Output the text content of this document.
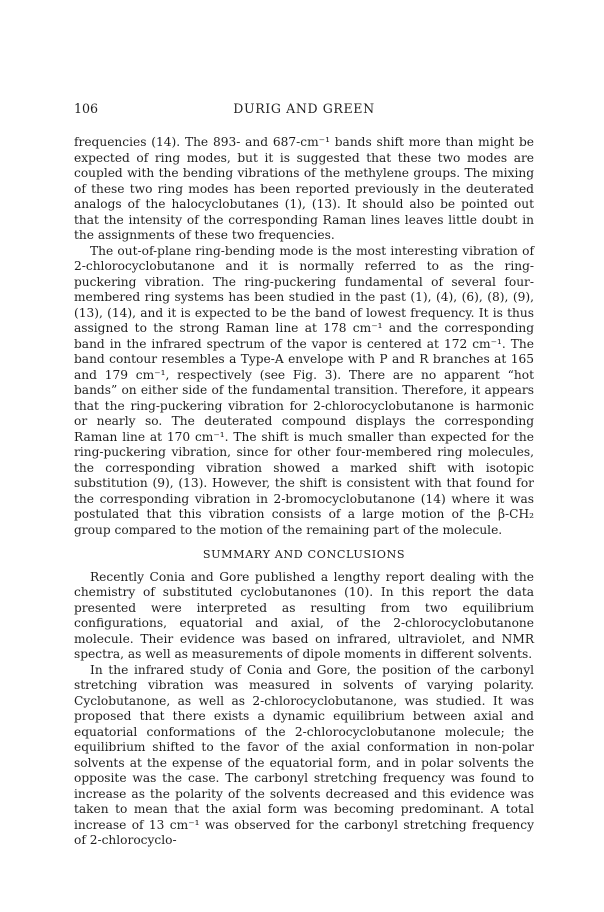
106	DURIG AND GREEN

frequencies (14). The 893- and 687-cm⁻¹ bands shift more than might be expected of ring modes, but it is suggested that these two modes are coupled with the bending vibrations of the methylene groups. The mixing of these two ring modes has been reported previously in the deuterated analogs of the halocyclobutanes (1), (13). It should also be pointed out that the intensity of the corresponding Raman lines leaves little doubt in the assignments of these two frequencies.

The out-of-plane ring-bending mode is the most interesting vibration of 2-chlorocyclobutanone and it is normally referred to as the ring-puckering vibration. The ring-puckering fundamental of several four-membered ring systems has been studied in the past (1), (4), (6), (8), (9), (13), (14), and it is expected to be the band of lowest frequency. It is thus assigned to the strong Raman line at 178 cm⁻¹ and the corresponding band in the infrared spectrum of the vapor is centered at 172 cm⁻¹. The band contour resembles a Type-A envelope with P and R branches at 165 and 179 cm⁻¹, respectively (see Fig. 3). There are no apparent “hot bands” on either side of the fundamental transition. Therefore, it appears that the ring-puckering vibration for 2-chlorocyclobutanone is harmonic or nearly so. The deuterated compound displays the corresponding Raman line at 170 cm⁻¹. The shift is much smaller than expected for the ring-puckering vibration, since for other four-membered ring molecules, the corresponding vibration showed a marked shift with isotopic substitution (9), (13). However, the shift is consistent with that found for the corresponding vibration in 2-bromocyclobutanone (14) where it was postulated that this vibration consists of a large motion of the β-CH₂ group compared to the motion of the remaining part of the molecule.

SUMMARY AND CONCLUSIONS

Recently Conia and Gore published a lengthy report dealing with the chemistry of substituted cyclobutanones (10). In this report the data presented were interpreted as resulting from two equilibrium configurations, equatorial and axial, of the 2-chlorocyclobutanone molecule. Their evidence was based on infrared, ultraviolet, and NMR spectra, as well as measurements of dipole moments in different solvents.

In the infrared study of Conia and Gore, the position of the carbonyl stretching vibration was measured in solvents of varying polarity. Cyclobutanone, as well as 2-chlorocyclobutanone, was studied. It was proposed that there exists a dynamic equilibrium between axial and equatorial conformations of the 2-chlorocyclobutanone molecule; the equilibrium shifted to the favor of the axial conformation in non-polar solvents at the expense of the equatorial form, and in polar solvents the opposite was the case. The carbonyl stretching frequency was found to increase as the polarity of the solvents decreased and this evidence was taken to mean that the axial form was becoming predominant. A total increase of 13 cm⁻¹ was observed for the carbonyl stretching frequency of 2-chlorocyclo-
